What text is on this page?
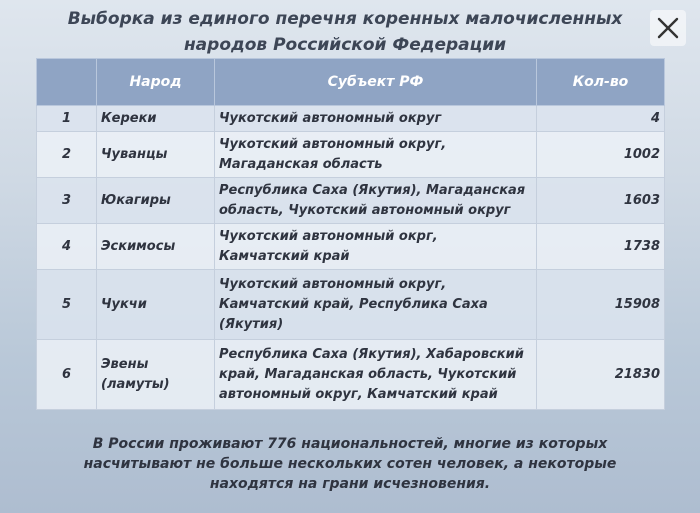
Выборка из единого перечня коренных малочисленных
народов Российской Федерации
	Народ	Субъект РФ	Кол-во
1	Кереки	Чукотский автономный округ	4
2	Чуванцы	Чукотский автономный округ, Магаданская область	1002
3	Юкагиры	Республика Саха (Якутия), Магаданская область, Чукотский автономный округ	1603
4	Эскимосы	Чукотский автономный окрг, Камчатский край	1738
5	Чукчи	Чукотский автономный округ, Камчатский край, Республика Саха (Якутия)	15908
6	Эвены (ламуты)	Республика Саха (Якутия), Хабаровский край, Магаданская область, Чукотский автономный округ, Камчатский край	21830
В России проживают 776 национальностей, многие из которых насчитывают не больше нескольких сотен человек, а некоторые находятся на грани исчезновения.
